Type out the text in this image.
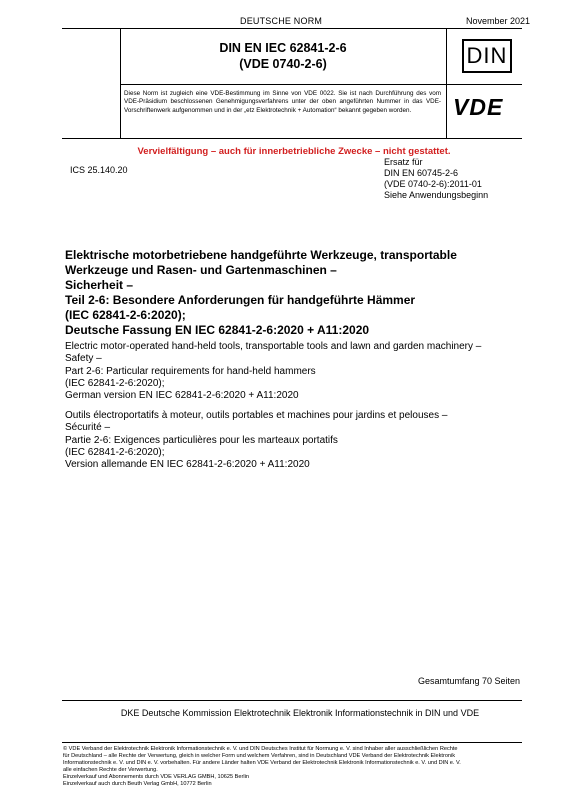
DEUTSCHE NORM	November 2021
DIN EN IEC 62841-2-6
(VDE 0740-2-6)	DIN
Diese Norm ist zugleich eine VDE-Bestimmung im Sinne von VDE 0022. Sie ist nach Durchführung des vom VDE-Präsidium beschlossenen Genehmigungsverfahrens unter der oben angeführten Nummer in das VDE-Vorschriftenwerk aufgenommen und in der „etz Elektrotechnik + Automation“ bekannt gegeben worden.	VDE
Vervielfältigung – auch für innerbetriebliche Zwecke – nicht gestattet.
ICS 25.140.20
Ersatz für
DIN EN 60745-2-6
(VDE 0740-2-6):2011-01
Siehe Anwendungsbeginn
Elektrische motorbetriebene handgeführte Werkzeuge, transportable
Werkzeuge und Rasen- und Gartenmaschinen –
Sicherheit –
Teil 2-6: Besondere Anforderungen für handgeführte Hämmer
(IEC 62841-2-6:2020);
Deutsche Fassung EN IEC 62841-2-6:2020 + A11:2020
Electric motor-operated hand-held tools, transportable tools and lawn and garden machinery –
Safety –
Part 2-6: Particular requirements for hand-held hammers
(IEC 62841-2-6:2020);
German version EN IEC 62841-2-6:2020 + A11:2020
Outils électroportatifs à moteur, outils portables et machines pour jardins et pelouses –
Sécurité –
Partie 2-6: Exigences particulières pour les marteaux portatifs
(IEC 62841-2-6:2020);
Version allemande EN IEC 62841-2-6:2020 + A11:2020
Gesamtumfang 70 Seiten
DKE Deutsche Kommission Elektrotechnik Elektronik Informationstechnik in DIN und VDE
© VDE Verband der Elektrotechnik Elektronik Informationstechnik e. V. und DIN Deutsches Institut für Normung e. V. sind Inhaber aller ausschließlichen Rechte
für Deutschland – alle Rechte der Verwertung, gleich in welcher Form und welchem Verfahren, sind in Deutschland VDE Verband der Elektrotechnik Elektronik
Informationstechnik e. V. und DIN e. V. vorbehalten. Für andere Länder halten VDE Verband der Elektrotechnik Elektronik Informationstechnik e. V. und DIN e. V.
alle einfachen Rechte der Verwertung.
Einzelverkauf und Abonnements durch VDE VERLAG GMBH, 10625 Berlin
Einzelverkauf auch durch Beuth Verlag GmbH, 10772 Berlin
